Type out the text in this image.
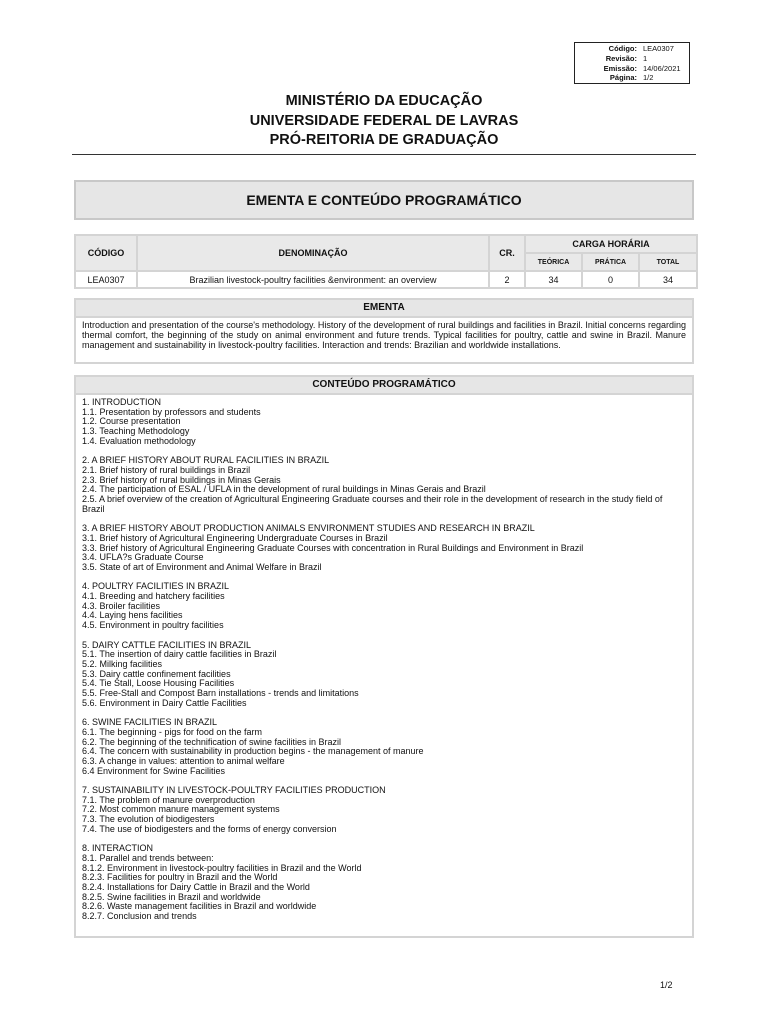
Código: LEA0307
Revisão: 1
Emissão: 14/06/2021
Página: 1/2
MINISTÉRIO DA EDUCAÇÃO
UNIVERSIDADE FEDERAL DE LAVRAS
PRÓ-REITORIA DE GRADUAÇÃO
EMENTA E CONTEÚDO PROGRAMÁTICO
CÓDIGO	DENOMINAÇÃO	CR.	CARGA HORÁRIA		
			TEÓRICA	PRÁTICA	TOTAL
LEA0307	Brazilian livestock-poultry facilities &environment: an overview	2	34	0	34
EMENTA
Introduction and presentation of the course's methodology. History of the development of rural buildings and facilities in Brazil. Initial concerns regarding thermal comfort, the beginning of the study on animal environment and future trends. Typical facilities for poultry, cattle and swine in Brazil. Manure management and sustainability in livestock-poultry facilities. Interaction and trends: Brazilian and worldwide installations.
CONTEÚDO PROGRAMÁTICO
1. INTRODUCTION
1.1. Presentation by professors and students
1.2. Course presentation
1.3. Teaching Methodology
1.4. Evaluation methodology
2. A BRIEF HISTORY ABOUT RURAL FACILITIES IN BRAZIL
2.1. Brief history of rural buildings in Brazil
2.3. Brief history of rural buildings in Minas Gerais
2.4. The participation of ESAL / UFLA in the development of rural buildings in Minas Gerais and Brazil
2.5. A brief overview of the creation of Agricultural Engineering Graduate courses and their role in the development of research in the study field of Brazil
3. A BRIEF HISTORY ABOUT PRODUCTION ANIMALS ENVIRONMENT STUDIES AND RESEARCH IN BRAZIL
3.1. Brief history of Agricultural Engineering Undergraduate Courses in Brazil
3.3. Brief history of Agricultural Engineering Graduate Courses with concentration in Rural Buildings and Environment in Brazil
3.4. UFLA?s Graduate Course
3.5. State of art of Environment and Animal Welfare in Brazil
4. POULTRY FACILITIES IN BRAZIL
4.1. Breeding and hatchery facilities
4.3. Broiler facilities
4.4. Laying hens facilities
4.5. Environment in poultry facilities
5. DAIRY CATTLE FACILITIES IN BRAZIL
5.1. The insertion of dairy cattle facilities in Brazil
5.2. Milking facilities
5.3. Dairy cattle confinement facilities
5.4. Tie Stall, Loose Housing Facilities
5.5. Free-Stall and Compost Barn installations - trends and limitations
5.6. Environment in Dairy Cattle Facilities
6. SWINE FACILITIES IN BRAZIL
6.1. The beginning - pigs for food on the farm
6.2. The beginning of the technification of swine facilities in Brazil
6.4. The concern with sustainability in production begins - the management of manure
6.3. A change in values: attention to animal welfare
6.4 Environment for Swine Facilities
7. SUSTAINABILITY IN LIVESTOCK-POULTRY FACILITIES PRODUCTION
7.1. The problem of manure overproduction
7.2. Most common manure management systems
7.3. The evolution of biodigesters
7.4. The use of biodigesters and the forms of energy conversion
8. INTERACTION
8.1. Parallel and trends between:
8.1.2. Environment in livestock-poultry facilities in Brazil and the World
8.2.3. Facilities for poultry in Brazil and the World
8.2.4. Installations for Dairy Cattle in Brazil and the World
8.2.5. Swine facilities in Brazil and worldwide
8.2.6. Waste management facilities in Brazil and worldwide
8.2.7. Conclusion and trends
1/2
